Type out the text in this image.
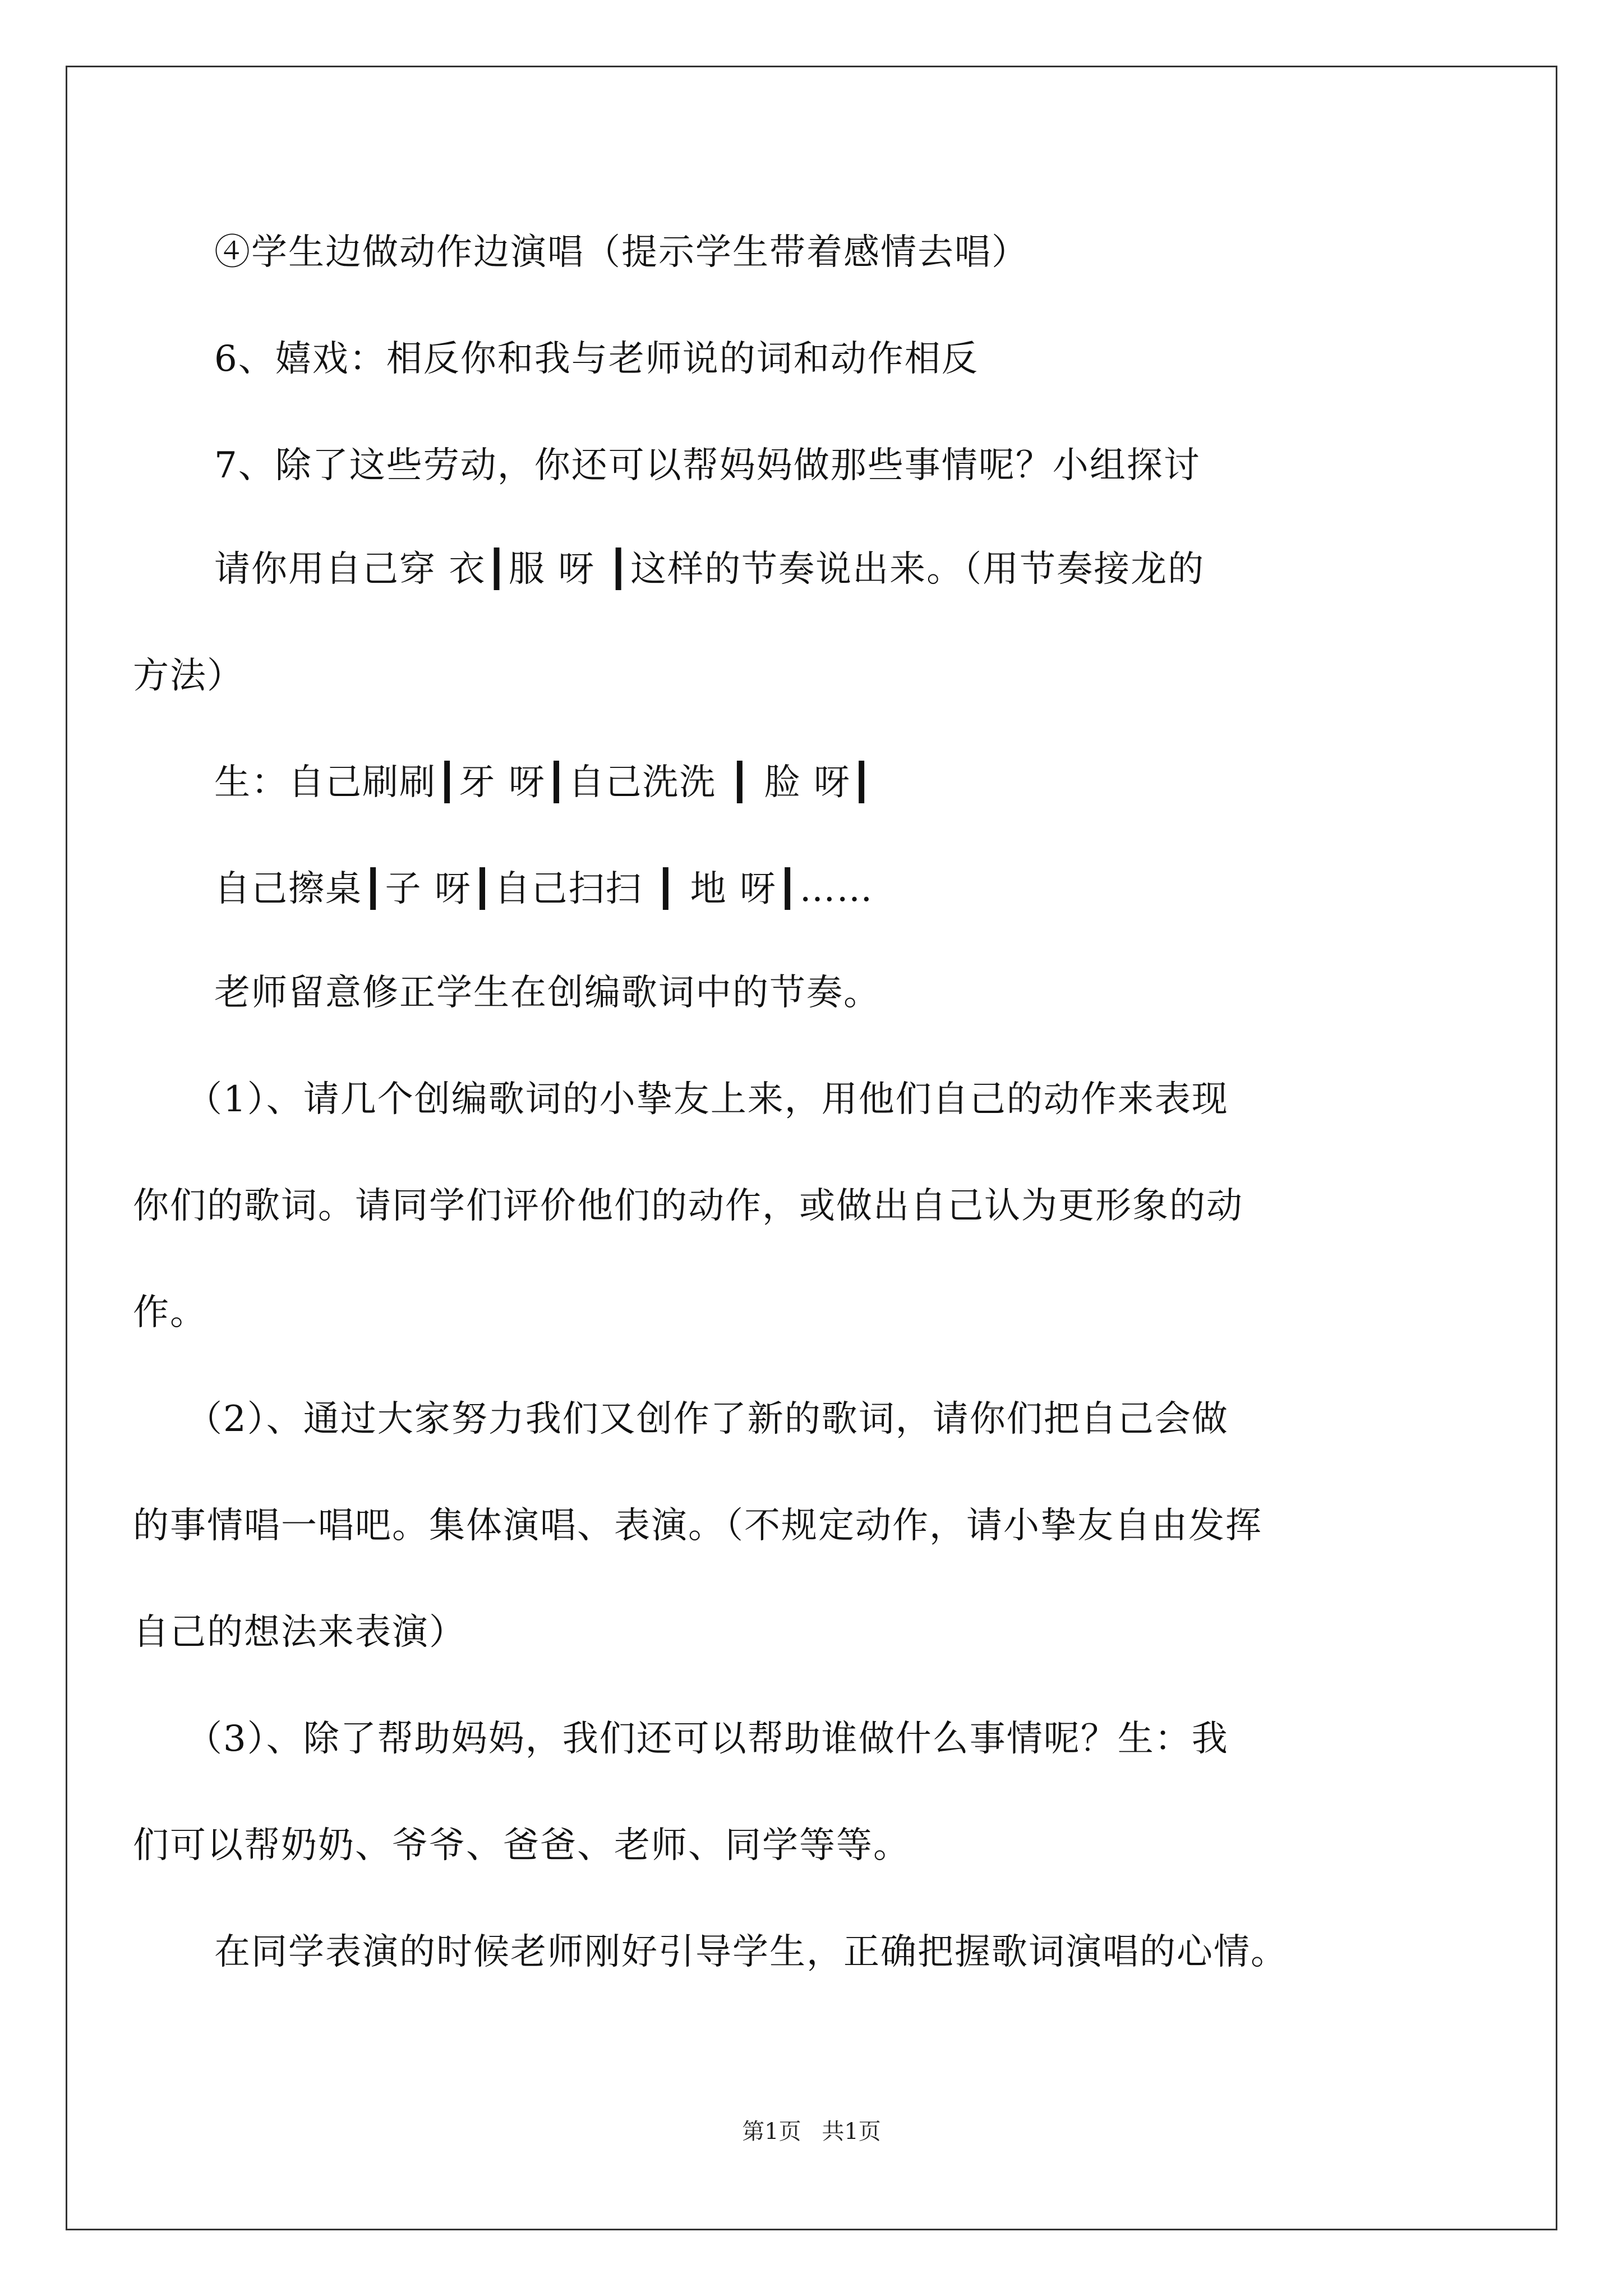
④学生边做动作边演唱（提示学生带着感情去唱）
6、嬉戏：相反你和我与老师说的词和动作相反
7、除了这些劳动，你还可以帮妈妈做那些事情呢？小组探讨
请你用自己穿 衣┃服 呀 ┃这样的节奏说出来。（用节奏接龙的
方法）
生：自己刷刷┃牙 呀┃自己洗洗 ┃ 脸 呀┃
自己擦桌┃子 呀┃自己扫扫 ┃ 地 呀┃……
老师留意修正学生在创编歌词中的节奏。
（1）、请几个创编歌词的小挚友上来，用他们自己的动作来表现
你们的歌词。请同学们评价他们的动作，或做出自己认为更形象的动
作。
（2）、通过大家努力我们又创作了新的歌词，请你们把自己会做
的事情唱一唱吧。集体演唱、表演。（不规定动作，请小挚友自由发挥
自己的想法来表演）
（3）、除了帮助妈妈，我们还可以帮助谁做什么事情呢？生：我
们可以帮奶奶、爷爷、爸爸、老师、同学等等。
在同学表演的时候老师刚好引导学生，正确把握歌词演唱的心情。
第1页 共1页
